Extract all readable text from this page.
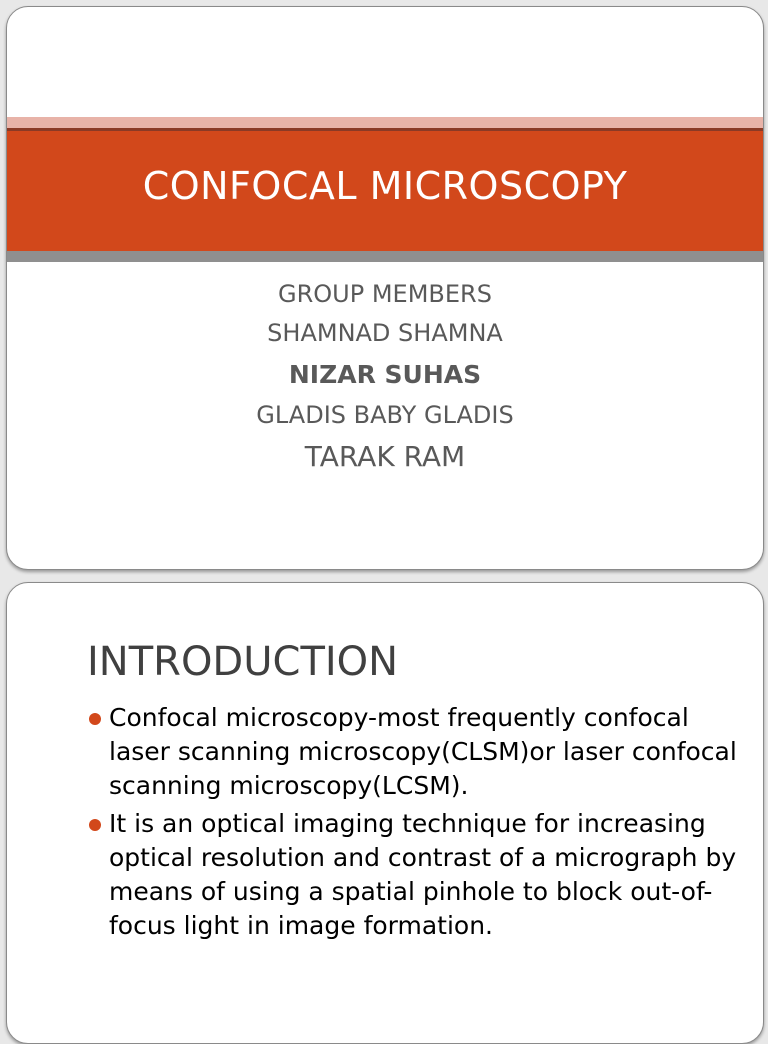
CONFOCAL MICROSCOPY
GROUP MEMBERS
SHAMNAD SHAMNA
NIZAR SUHAS
GLADIS BABY GLADIS
TARAK RAM
INTRODUCTION
Confocal microscopy-most frequently confocal laser scanning microscopy(CLSM)or laser confocal scanning microscopy(LCSM).
It is an optical imaging technique for increasing optical resolution and contrast of a micrograph by means of using a spatial pinhole to block out-of-focus light in image formation.
